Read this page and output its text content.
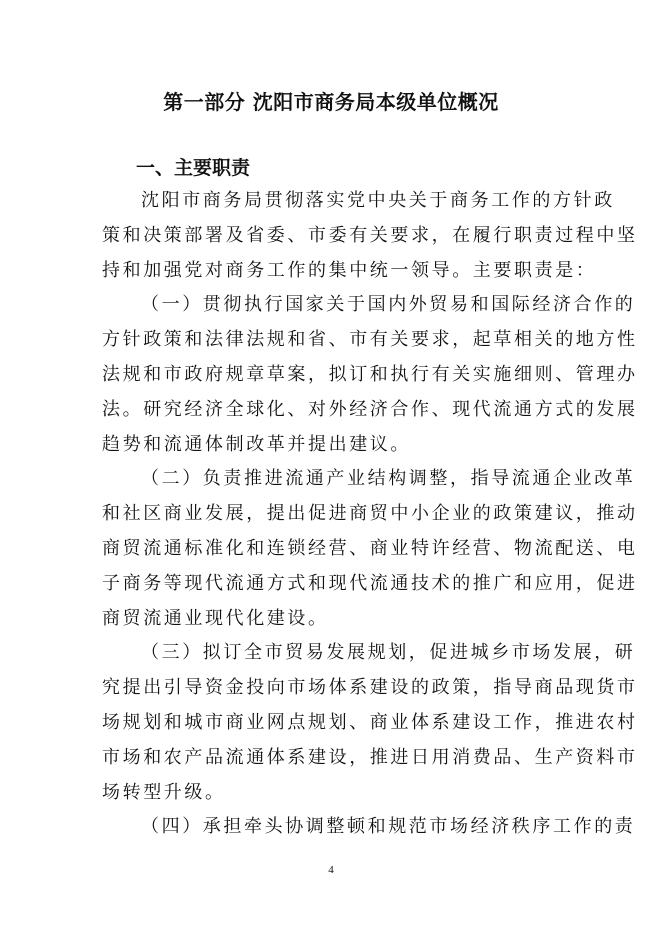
第一部分 沈阳市商务局本级单位概况
一、主要职责
沈阳市商务局贯彻落实党中央关于商务工作的方针政
策和决策部署及省委、市委有关要求，在履行职责过程中坚
持和加强党对商务工作的集中统一领导。主要职责是：
（一）贯彻执行国家关于国内外贸易和国际经济合作的
方针政策和法律法规和省、市有关要求，起草相关的地方性
法规和市政府规章草案，拟订和执行有关实施细则、管理办
法。研究经济全球化、对外经济合作、现代流通方式的发展
趋势和流通体制改革并提出建议。
（二）负责推进流通产业结构调整，指导流通企业改革
和社区商业发展，提出促进商贸中小企业的政策建议，推动
商贸流通标准化和连锁经营、商业特许经营、物流配送、电
子商务等现代流通方式和现代流通技术的推广和应用，促进
商贸流通业现代化建设。
（三）拟订全市贸易发展规划，促进城乡市场发展，研
究提出引导资金投向市场体系建设的政策，指导商品现货市
场规划和城市商业网点规划、商业体系建设工作，推进农村
市场和农产品流通体系建设，推进日用消费品、生产资料市
场转型升级。
（四）承担牵头协调整顿和规范市场经济秩序工作的责
4
